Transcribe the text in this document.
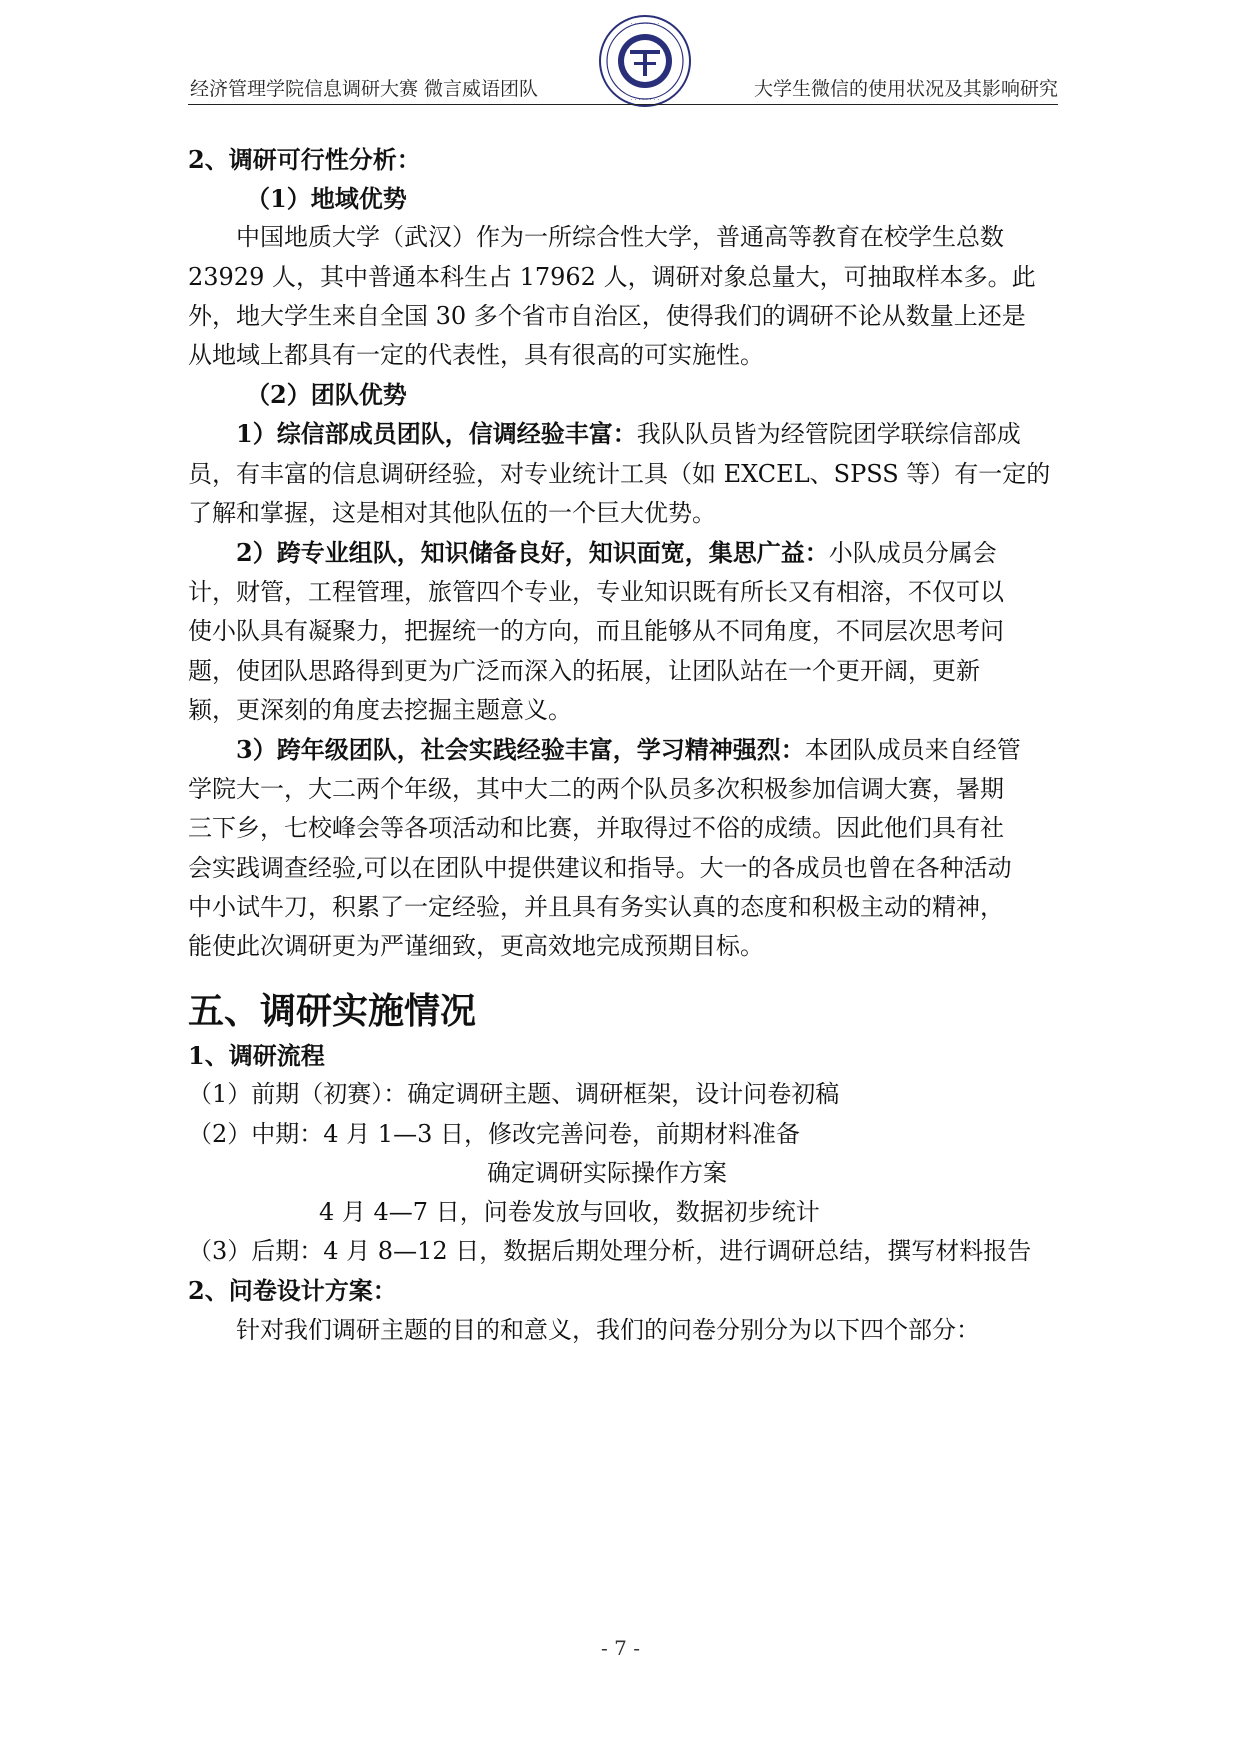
经济管理学院信息调研大赛 微言威语团队
· · · · · · · ·
· · · · · · · ·
大学生微信的使用状况及其影响研究
2、调研可行性分析：
（1）地域优势
中国地质大学（武汉）作为一所综合性大学，普通高等教育在校学生总数
23929 人，其中普通本科生占 17962 人，调研对象总量大，可抽取样本多。此
外，地大学生来自全国 30 多个省市自治区，使得我们的调研不论从数量上还是
从地域上都具有一定的代表性，具有很高的可实施性。
（2）团队优势
1）综信部成员团队，信调经验丰富：我队队员皆为经管院团学联综信部成
员，有丰富的信息调研经验，对专业统计工具（如 EXCEL、SPSS 等）有一定的
了解和掌握，这是相对其他队伍的一个巨大优势。
2）跨专业组队，知识储备良好，知识面宽，集思广益：小队成员分属会
计，财管，工程管理，旅管四个专业，专业知识既有所长又有相溶，不仅可以
使小队具有凝聚力，把握统一的方向，而且能够从不同角度，不同层次思考问
题，使团队思路得到更为广泛而深入的拓展，让团队站在一个更开阔，更新
颖，更深刻的角度去挖掘主题意义。
3）跨年级团队，社会实践经验丰富，学习精神强烈：本团队成员来自经管
学院大一，大二两个年级，其中大二的两个队员多次积极参加信调大赛，暑期
三下乡，七校峰会等各项活动和比赛，并取得过不俗的成绩。因此他们具有社
会实践调查经验,可以在团队中提供建议和指导。大一的各成员也曾在各种活动
中小试牛刀，积累了一定经验，并且具有务实认真的态度和积极主动的精神，
能使此次调研更为严谨细致，更高效地完成预期目标。
五、调研实施情况
1、调研流程
（1）前期（初赛）：确定调研主题、调研框架，设计问卷初稿
（2）中期：4 月 1—3 日，修改完善问卷，前期材料准备
确定调研实际操作方案
4 月 4—7 日，问卷发放与回收，数据初步统计
（3）后期：4 月 8—12 日，数据后期处理分析，进行调研总结，撰写材料报告
2、问卷设计方案：
针对我们调研主题的目的和意义，我们的问卷分别分为以下四个部分：
- 7 -
